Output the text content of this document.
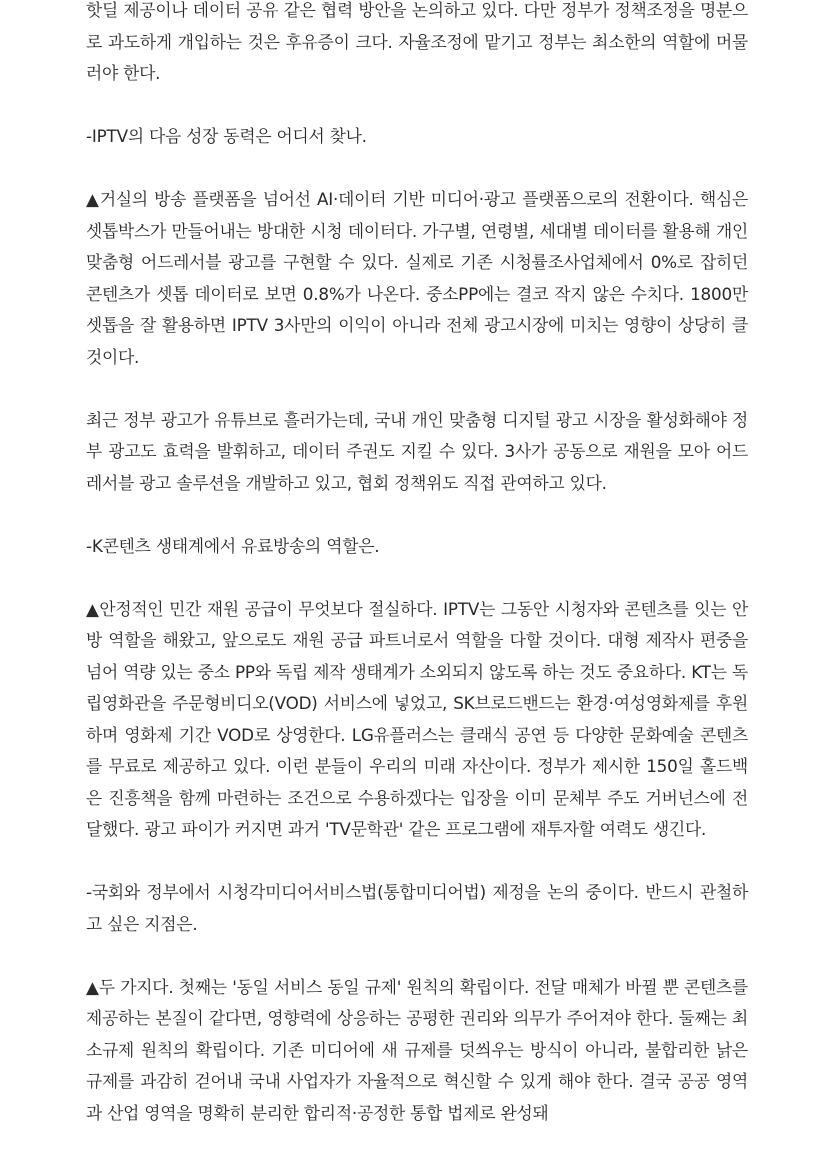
핫딜 제공이나 데이터 공유 같은 협력 방안을 논의하고 있다. 다만 정부가 정책조정을 명분으로 과도하게 개입하는 것은 후유증이 크다. 자율조정에 맡기고 정부는 최소한의 역할에 머물러야 한다.

-IPTV의 다음 성장 동력은 어디서 찾나.

▲거실의 방송 플랫폼을 넘어선 AI·데이터 기반 미디어·광고 플랫폼으로의 전환이다. 핵심은 셋톱박스가 만들어내는 방대한 시청 데이터다. 가구별, 연령별, 세대별 데이터를 활용해 개인 맞춤형 어드레서블 광고를 구현할 수 있다. 실제로 기존 시청률조사업체에서 0%로 잡히던 콘텐츠가 셋톱 데이터로 보면 0.8%가 나온다. 중소PP에는 결코 작지 않은 수치다. 1800만 셋톱을 잘 활용하면 IPTV 3사만의 이익이 아니라 전체 광고시장에 미치는 영향이 상당히 클 것이다.

최근 정부 광고가 유튜브로 흘러가는데, 국내 개인 맞춤형 디지털 광고 시장을 활성화해야 정부 광고도 효력을 발휘하고, 데이터 주권도 지킬 수 있다. 3사가 공동으로 재원을 모아 어드레서블 광고 솔루션을 개발하고 있고, 협회 정책위도 직접 관여하고 있다.

-K콘텐츠 생태계에서 유료방송의 역할은.

▲안정적인 민간 재원 공급이 무엇보다 절실하다. IPTV는 그동안 시청자와 콘텐츠를 잇는 안방 역할을 해왔고, 앞으로도 재원 공급 파트너로서 역할을 다할 것이다. 대형 제작사 편중을 넘어 역량 있는 중소 PP와 독립 제작 생태계가 소외되지 않도록 하는 것도 중요하다. KT는 독립영화관을 주문형비디오(VOD) 서비스에 넣었고, SK브로드밴드는 환경·여성영화제를 후원하며 영화제 기간 VOD로 상영한다. LG유플러스는 클래식 공연 등 다양한 문화예술 콘텐츠를 무료로 제공하고 있다. 이런 분들이 우리의 미래 자산이다. 정부가 제시한 150일 홀드백은 진흥책을 함께 마련하는 조건으로 수용하겠다는 입장을 이미 문체부 주도 거버넌스에 전달했다. 광고 파이가 커지면 과거 'TV문학관' 같은 프로그램에 재투자할 여력도 생긴다.

-국회와 정부에서 시청각미디어서비스법(통합미디어법) 제정을 논의 중이다. 반드시 관철하고 싶은 지점은.

▲두 가지다. 첫째는 '동일 서비스 동일 규제' 원칙의 확립이다. 전달 매체가 바뀔 뿐 콘텐츠를 제공하는 본질이 같다면, 영향력에 상응하는 공평한 권리와 의무가 주어져야 한다. 둘째는 최소규제 원칙의 확립이다. 기존 미디어에 새 규제를 덧씌우는 방식이 아니라, 불합리한 낡은 규제를 과감히 걷어내 국내 사업자가 자율적으로 혁신할 수 있게 해야 한다. 결국 공공 영역과 산업 영역을 명확히 분리한 합리적·공정한 통합 법제로 완성돼
